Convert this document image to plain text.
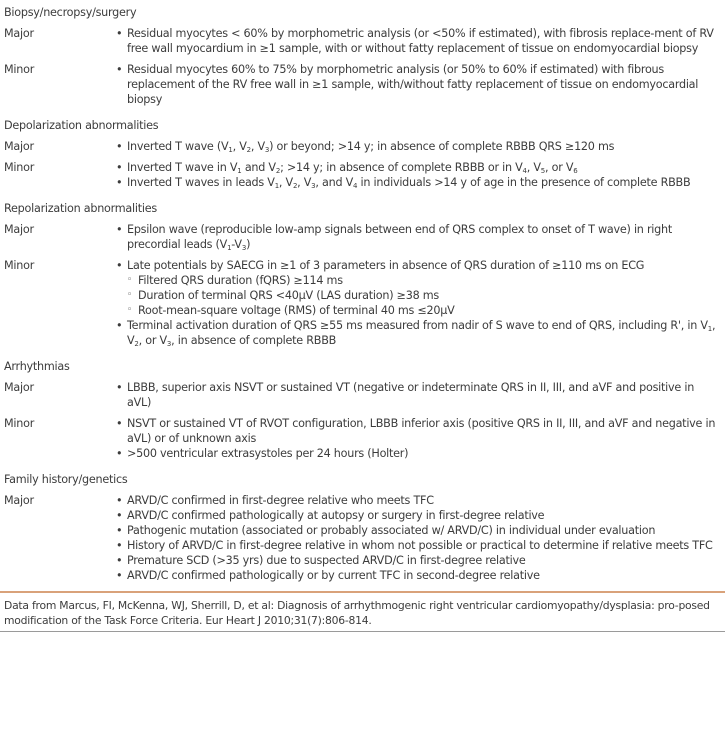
Biopsy/necropsy/surgery
Major	• Residual myocytes < 60% by morphometric analysis (or <50% if estimated), with fibrosis replace-ment of RV free wall myocardium in ≥1 sample, with or without fatty replacement of tissue on endomyocardial biopsy
Minor	• Residual myocytes 60% to 75% by morphometric analysis (or 50% to 60% if estimated) with fibrous replacement of the RV free wall in ≥1 sample, with/without fatty replacement of tissue on endomyocardial biopsy
Depolarization abnormalities
Major	• Inverted T wave ($V_1$, $V_2$, $V_3$) or beyond; >14 y; in absence of complete RBBB QRS ≥120 ms
Minor	• Inverted T wave in $V_1$ and $V_2$; >14 y; in absence of complete RBBB or in $V_4$, $V_5$, or $V_6$
• Inverted T waves in leads $V_1$, $V_2$, $V_3$, and $V_4$ in individuals >14 y of age in the presence of complete RBBB
Repolarization abnormalities
Major	• Epsilon wave (reproducible low-amp signals between end of QRS complex to onset of T wave) in right precordial leads $(V_1-V_3)$
Minor	• Late potentials by SAECG in ≥1 of 3 parameters in absence of QRS duration of ≥110 ms on ECG
◦ Filtered QRS duration (fQRS) ≥114 ms
◦ Duration of terminal QRS <40µV (LAS duration) ≥38 ms
◦ Root-mean-square voltage (RMS) of terminal 40 ms ≤20µV
• Terminal activation duration of QRS ≥55 ms measured from nadir of S wave to end of QRS, including R', in $V_1$, $V_2$, or $V_3$, in absence of complete RBBB
Arrhythmias
Major	• LBBB, superior axis NSVT or sustained VT (negative or indeterminate QRS in II, III, and aVF and positive in aVL)
Minor	• NSVT or sustained VT of RVOT configuration, LBBB inferior axis (positive QRS in II, III, and aVF and negative in aVL) or of unknown axis
• >500 ventricular extrasystoles per 24 hours (Holter)
Family history/genetics
Major	• ARVD/C confirmed in first-degree relative who meets TFC
• ARVD/C confirmed pathologically at autopsy or surgery in first-degree relative
• Pathogenic mutation (associated or probably associated w/ ARVD/C) in individual under evaluation
• History of ARVD/C in first-degree relative in whom not possible or practical to determine if relative meets TFC
• Premature SCD (>35 yrs) due to suspected ARVD/C in first-degree relative
• ARVD/C confirmed pathologically or by current TFC in second-degree relative
Data from Marcus, FI, McKenna, WJ, Sherrill, D, et al: Diagnosis of arrhythmogenic right ventricular cardiomyopathy/dysplasia: pro-posed modification of the Task Force Criteria. Eur Heart J 2010;31(7):806-814.
